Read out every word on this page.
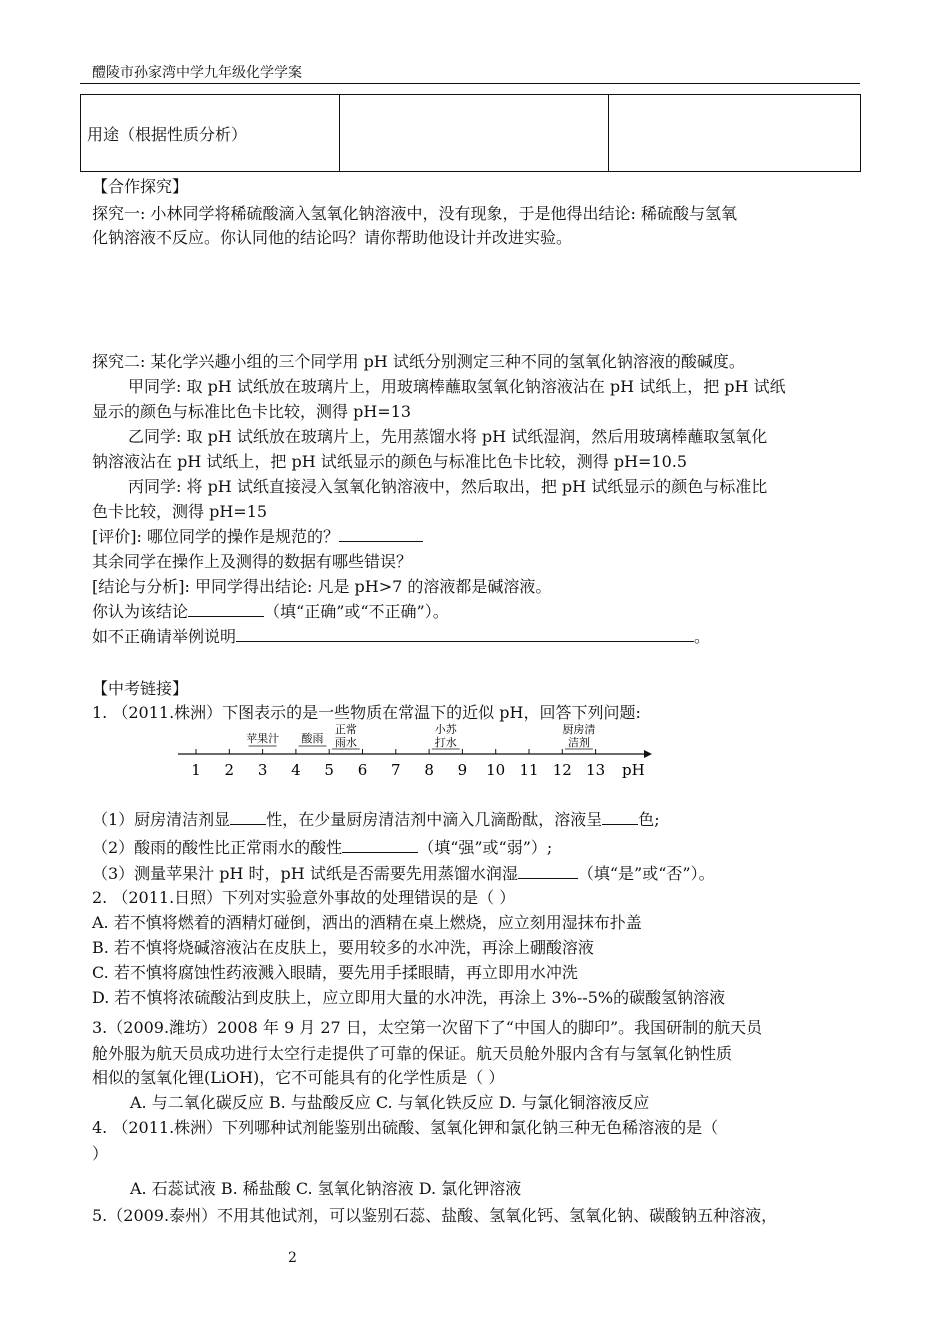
醴陵市孙家湾中学九年级化学学案
用途（根据性质分析）		
【合作探究】
探究一: 小林同学将稀硫酸滴入氢氧化钠溶液中，没有现象，于是他得出结论: 稀硫酸与氢氧
化钠溶液不反应。你认同他的结论吗？请你帮助他设计并改进实验。
探究二: 某化学兴趣小组的三个同学用 pH 试纸分别测定三种不同的氢氧化钠溶液的酸碱度。
甲同学: 取 pH 试纸放在玻璃片上，用玻璃棒蘸取氢氧化钠溶液沾在 pH 试纸上，把 pH 试纸
显示的颜色与标准比色卡比较，测得 pH=13
乙同学: 取 pH 试纸放在玻璃片上，先用蒸馏水将 pH 试纸湿润，然后用玻璃棒蘸取氢氧化
钠溶液沾在 pH 试纸上，把 pH 试纸显示的颜色与标准比色卡比较，测得 pH=10.5
丙同学: 将 pH 试纸直接浸入氢氧化钠溶液中，然后取出，把 pH 试纸显示的颜色与标准比
色卡比较，测得 pH=15
[评价]: 哪位同学的操作是规范的？
其余同学在操作上及测得的数据有哪些错误？
[结论与分析]: 甲同学得出结论: 凡是 pH>7 的溶液都是碱溶液。
你认为该结论	（填“正确”或“不正确”）。
如不正确请举例说明	。
【中考链接】
1. （2011.株洲）下图表示的是一些物质在常温下的近似 pH，回答下列问题:
1 2 3 4 5 6 7 8 9 10 11 12 13
苹果汁 酸雨
正常
雨水
小苏
打水
厨房清
洁剂
pH
（1）厨房清洁剂显 性，在少量厨房清洁剂中滴入几滴酚酞，溶液呈 色;
（2）酸雨的酸性比正常雨水的酸性	（填“强”或“弱”）;
（3）测量苹果汁 pH 时，pH 试纸是否需要先用蒸馏水润湿	（填“是”或“否”）。
2. （2011.日照）下列对实验意外事故的处理错误的是（ ）
A. 若不慎将燃着的酒精灯碰倒，洒出的酒精在桌上燃烧，应立刻用湿抹布扑盖
B. 若不慎将烧碱溶液沾在皮肤上，要用较多的水冲洗，再涂上硼酸溶液
C. 若不慎将腐蚀性药液溅入眼睛，要先用手揉眼睛，再立即用水冲洗
D. 若不慎将浓硫酸沾到皮肤上，应立即用大量的水冲洗，再涂上 3%--5%的碳酸氢钠溶液
3.（2009.潍坊）2008 年 9 月 27 日，太空第一次留下了“中国人的脚印”。我国研制的航天员
舱外服为航天员成功进行太空行走提供了可靠的保证。航天员舱外服内含有与氢氧化钠性质
相似的氢氧化锂(LiOH)，它不可能具有的化学性质是（ ）
A. 与二氧化碳反应 B. 与盐酸反应 C. 与氧化铁反应 D. 与氯化铜溶液反应
4. （2011.株洲）下列哪种试剂能鉴别出硫酸、氢氧化钾和氯化钠三种无色稀溶液的是（
）
A. 石蕊试液 B. 稀盐酸 C. 氢氧化钠溶液 D. 氯化钾溶液
5.（2009.泰州）不用其他试剂，可以鉴别石蕊、盐酸、氢氧化钙、氢氧化钠、碳酸钠五种溶液，
2
